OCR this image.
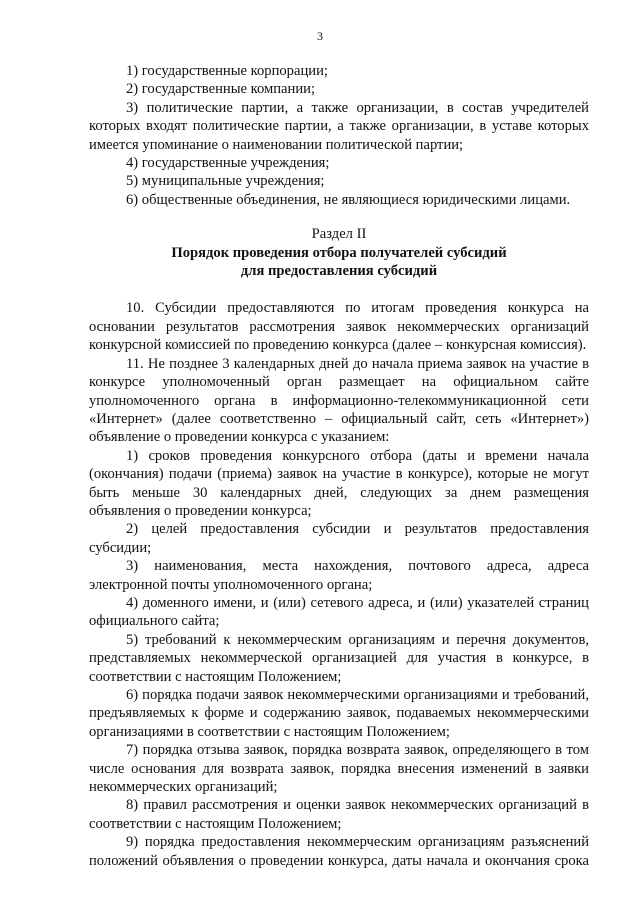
3

1) государственные корпорации;

2) государственные компании;

3) политические партии, а также организации, в состав учредителей которых входят политические партии, а также организации, в уставе которых имеется упоминание о наименовании политической партии;

4) государственные учреждения;

5) муниципальные учреждения;

6) общественные объединения, не являющиеся юридическими лицами.

Раздел II

Порядок проведения отбора получателей субсидий

для предоставления субсидий

10. Субсидии предоставляются по итогам проведения конкурса на основании результатов рассмотрения заявок некоммерческих организаций конкурсной комиссией по проведению конкурса (далее – конкурсная комиссия).

11. Не позднее 3 календарных дней до начала приема заявок на участие в конкурсе уполномоченный орган размещает на официальном сайте уполномоченного органа в информационно-телекоммуникационной сети «Интернет» (далее соответственно – официальный сайт, сеть «Интернет») объявление о проведении конкурса с указанием:

1) сроков проведения конкурсного отбора (даты и времени начала (окончания) подачи (приема) заявок на участие в конкурсе), которые не могут быть меньше 30 календарных дней, следующих за днем размещения объявления о проведении конкурса;

2) целей предоставления субсидии и результатов предоставления субсидии;

3) наименования, места нахождения, почтового адреса, адреса электронной почты уполномоченного органа;

4) доменного имени, и (или) сетевого адреса, и (или) указателей страниц официального сайта;

5) требований к некоммерческим организациям и перечня документов, представляемых некоммерческой организацией для участия в конкурсе, в соответствии с настоящим Положением;

6) порядка подачи заявок некоммерческими организациями и требований, предъявляемых к форме и содержанию заявок, подаваемых некоммерческими организациями в соответствии с настоящим Положением;

7) порядка отзыва заявок, порядка возврата заявок, определяющего в том числе основания для возврата заявок, порядка внесения изменений в заявки некоммерческих организаций;

8) правил рассмотрения и оценки заявок некоммерческих организаций в соответствии с настоящим Положением;

9) порядка предоставления некоммерческим организациям разъяснений положений объявления о проведении конкурса, даты начала и окончания срока
